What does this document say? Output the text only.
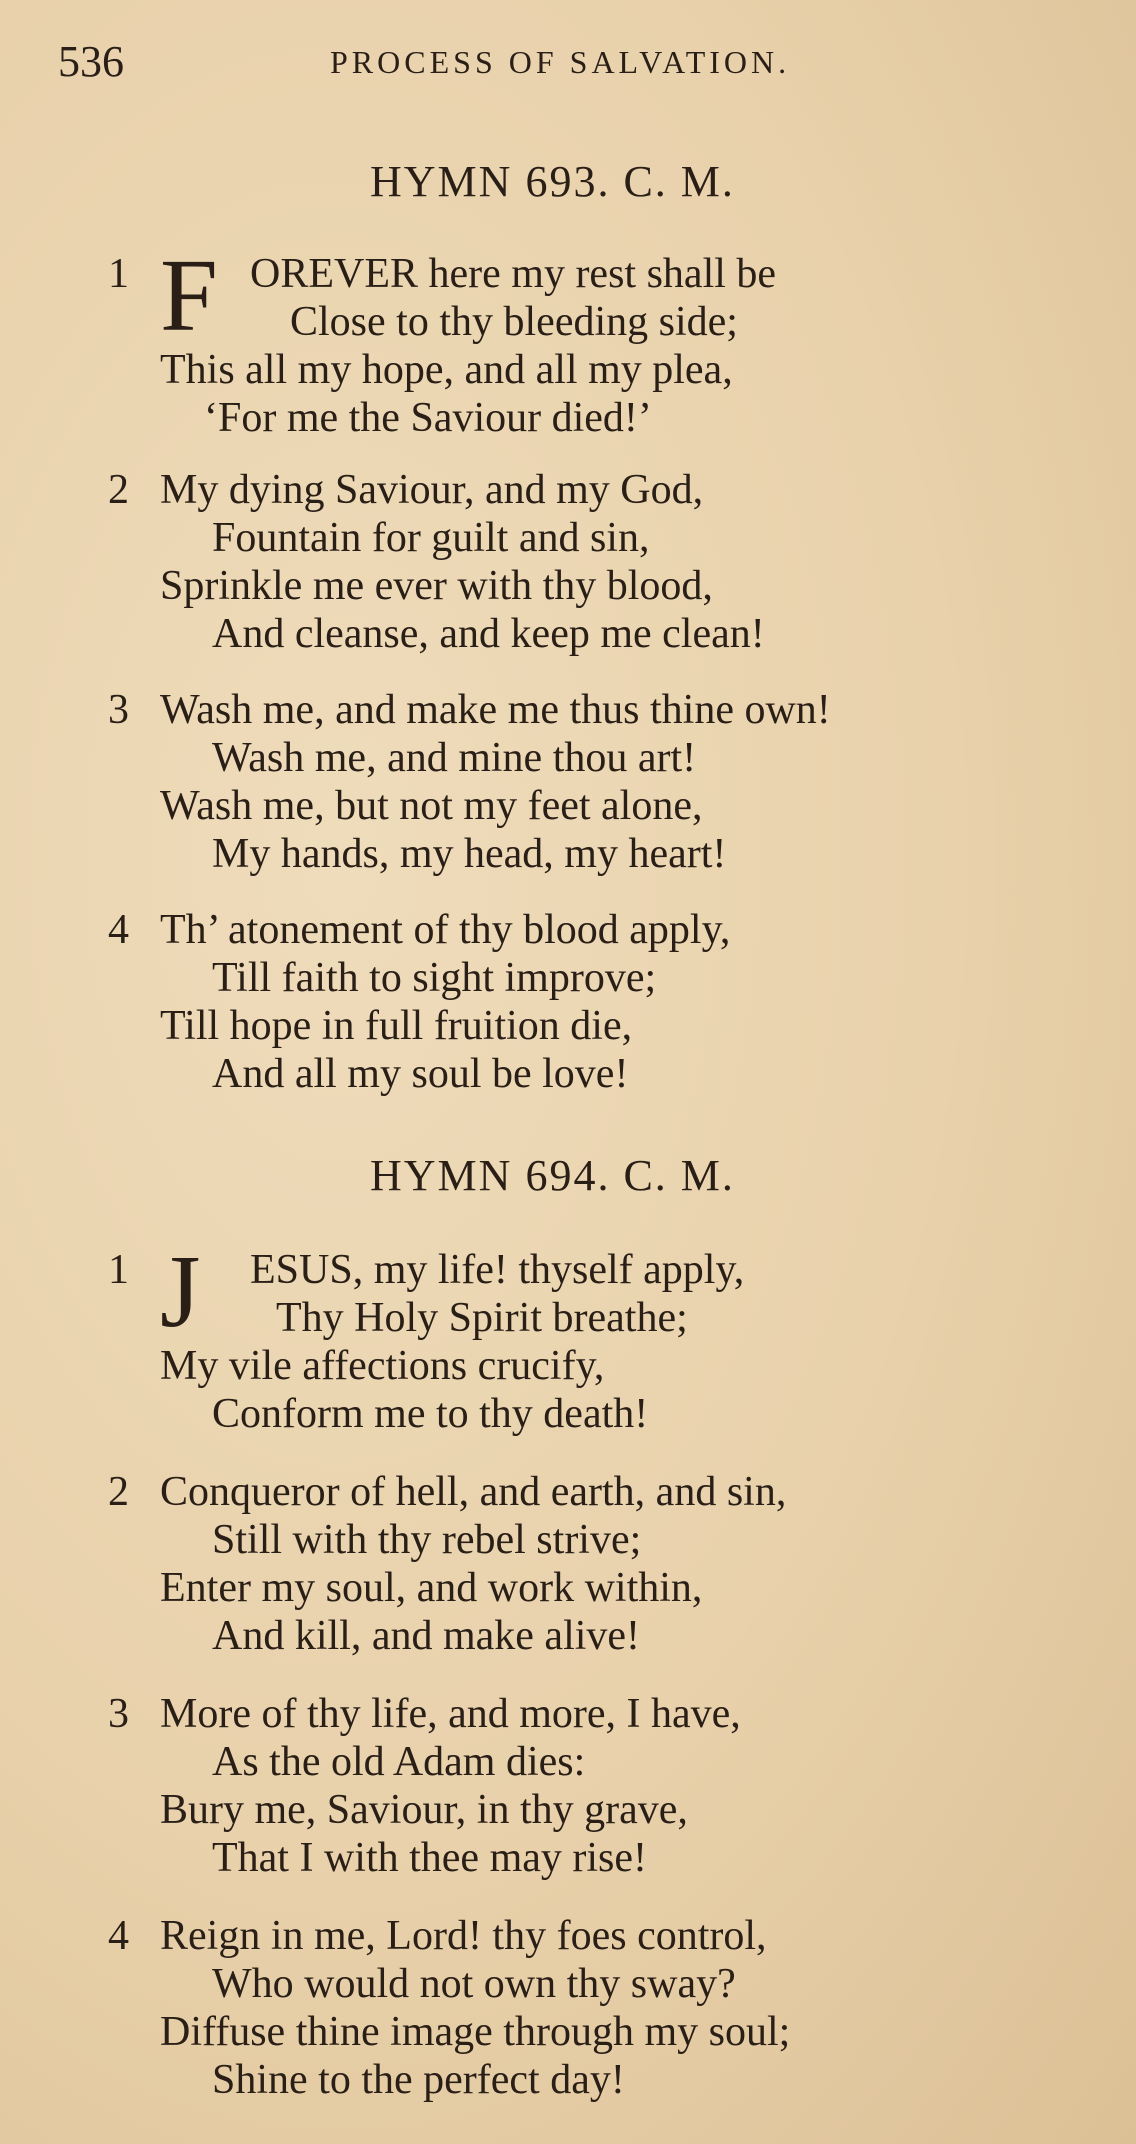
536	PROCESS OF SALVATION.
HYMN 693. C. M.
1 F OREVER here my rest shall be
Close to thy bleeding side;
This all my hope, and all my plea,
‘For me the Saviour died!’
2 My dying Saviour, and my God,
Fountain for guilt and sin,
Sprinkle me ever with thy blood,
And cleanse, and keep me clean!
3 Wash me, and make me thus thine own!
Wash me, and mine thou art!
Wash me, but not my feet alone,
My hands, my head, my heart!
4 Th’ atonement of thy blood apply,
Till faith to sight improve;
Till hope in full fruition die,
And all my soul be love!
HYMN 694. C. M.
1 J ESUS, my life! thyself apply,
Thy Holy Spirit breathe;
My vile affections crucify,
Conform me to thy death!
2 Conqueror of hell, and earth, and sin,
Still with thy rebel strive;
Enter my soul, and work within,
And kill, and make alive!
3 More of thy life, and more, I have,
As the old Adam dies:
Bury me, Saviour, in thy grave,
That I with thee may rise!
4 Reign in me, Lord! thy foes control,
Who would not own thy sway?
Diffuse thine image through my soul;
Shine to the perfect day!
